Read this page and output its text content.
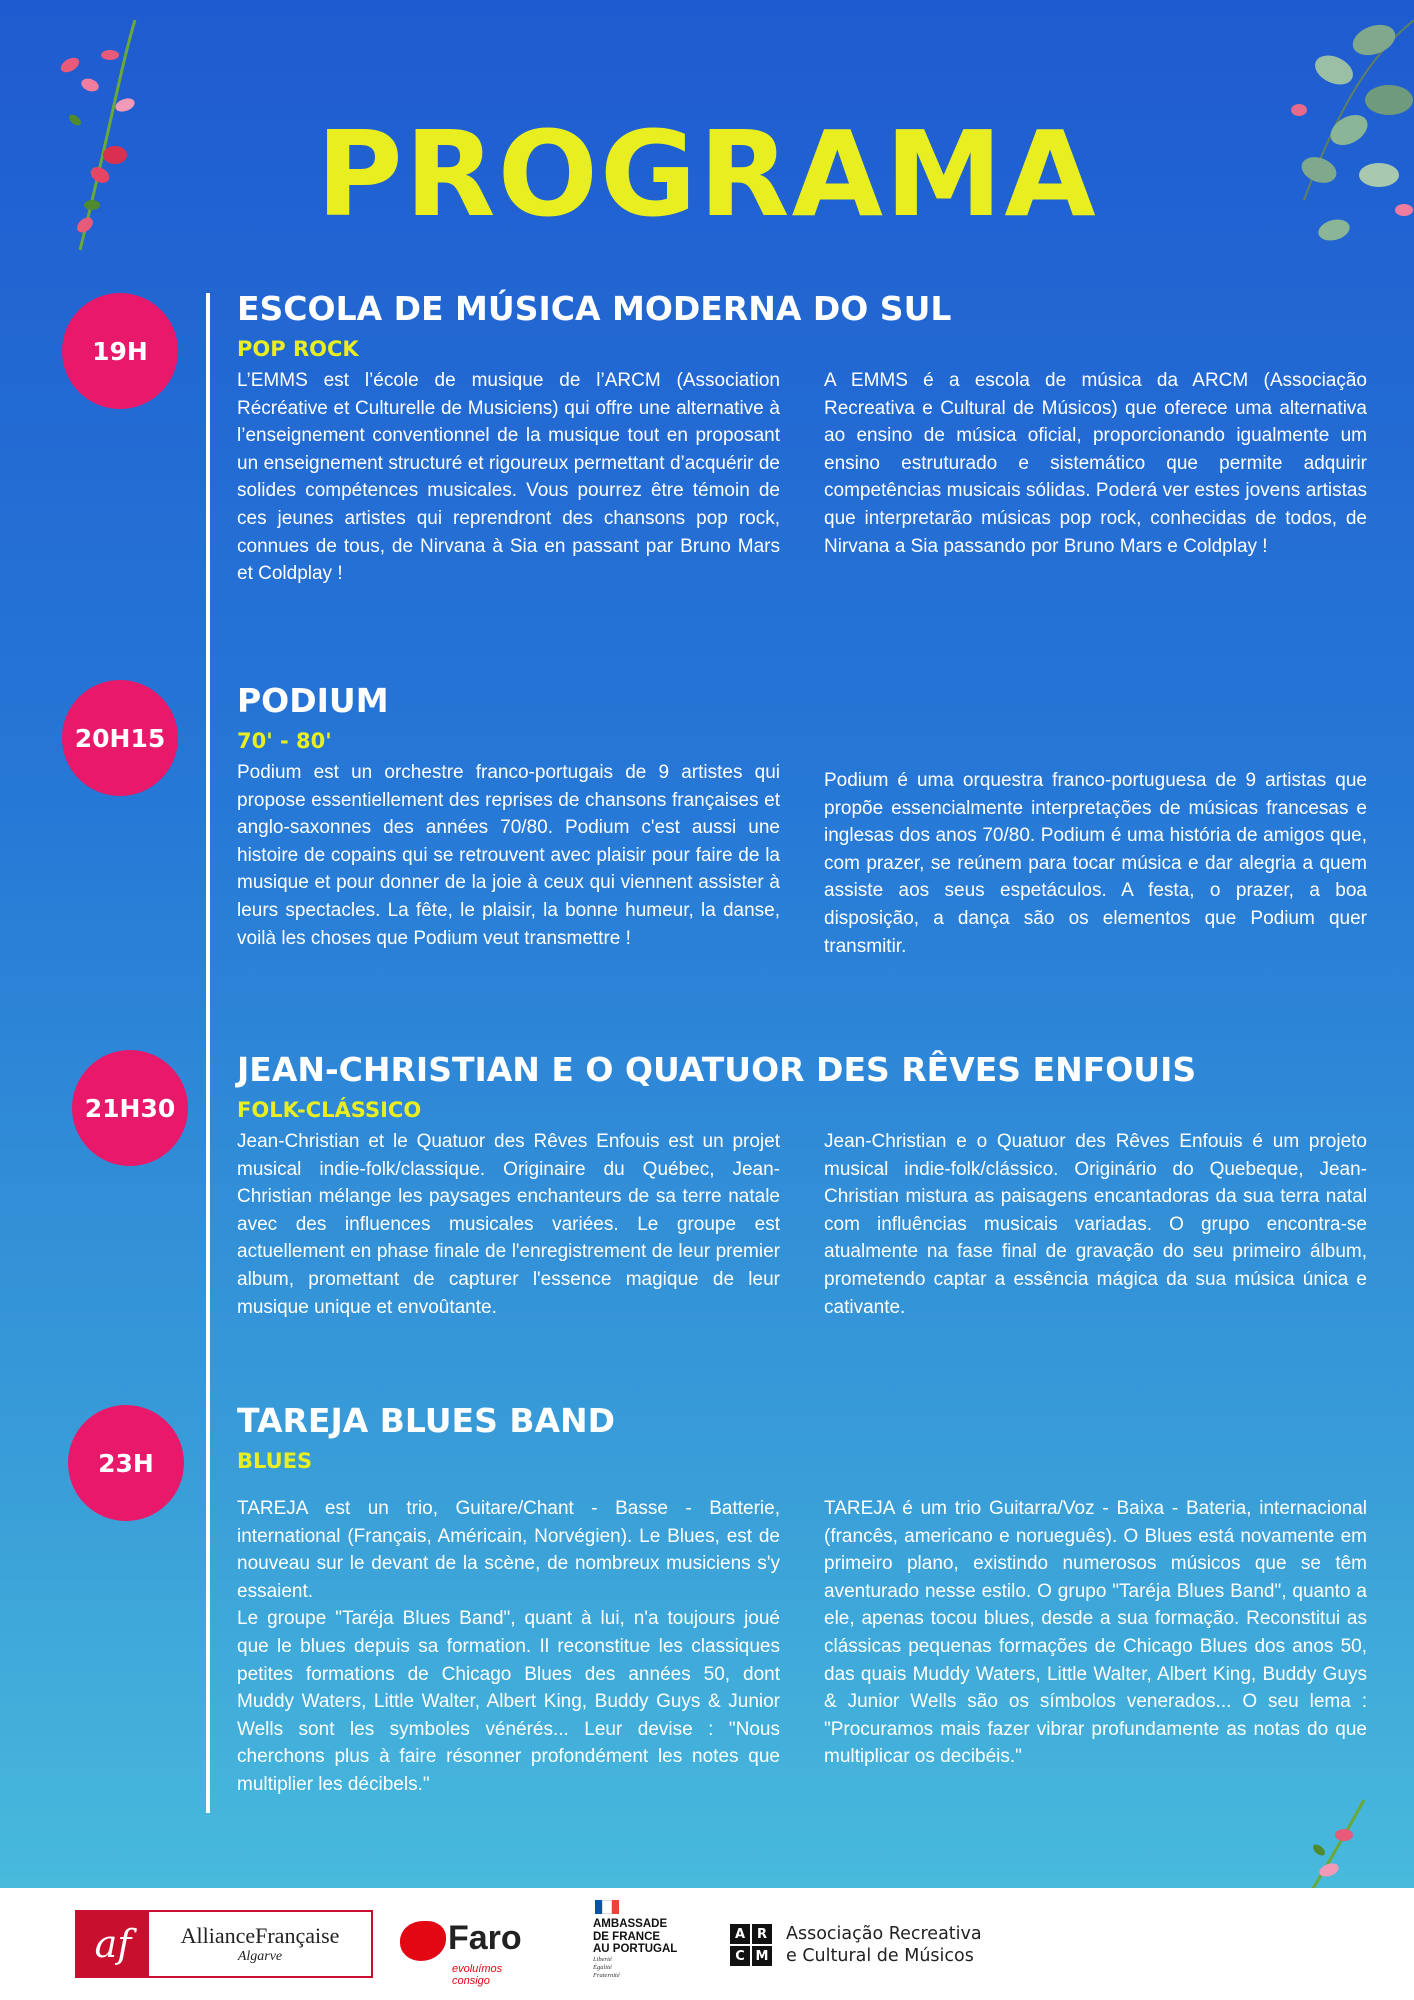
PROGRAMA
19H
ESCOLA DE MÚSICA MODERNA DO SUL
POP ROCK

L’EMMS est l’école de musique de l’ARCM (Association Récréative et Culturelle de Musiciens) qui offre une alternative à l’enseignement conventionnel de la musique tout en proposant un enseignement structuré et rigoureux permettant d’acquérir de solides compétences musicales. Vous pourrez être témoin de ces jeunes artistes qui reprendront des chansons pop rock, connues de tous, de Nirvana à Sia en passant par Bruno Mars et Coldplay !

A EMMS é a escola de música da ARCM (Associação Recreativa e Cultural de Músicos) que oferece uma alternativa ao ensino de música oficial, proporcionando igualmente um ensino estruturado e sistemático que permite adquirir competências musicais sólidas. Poderá ver estes jovens artistas que interpretarão músicas pop rock, conhecidas de todos, de Nirvana a Sia passando por Bruno Mars e Coldplay !

20H15
PODIUM
70' - 80'

Podium est un orchestre franco-portugais de 9 artistes qui propose essentiellement des reprises de chansons françaises et anglo-saxonnes des années 70/80. Podium c'est aussi une histoire de copains qui se retrouvent avec plaisir pour faire de la musique et pour donner de la joie à ceux qui viennent assister à leurs spectacles. La fête, le plaisir, la bonne humeur, la danse, voilà les choses que Podium veut transmettre !

Podium é uma orquestra franco-portuguesa de 9 artistas que propõe essencialmente interpretações de músicas francesas e inglesas dos anos 70/80. Podium é uma história de amigos que, com prazer, se reúnem para tocar música e dar alegria a quem assiste aos seus espetáculos. A festa, o prazer, a boa disposição, a dança são os elementos que Podium quer transmitir.

21H30
JEAN-CHRISTIAN E O QUATUOR DES RÊVES ENFOUIS
FOLK-CLÁSSICO

Jean-Christian et le Quatuor des Rêves Enfouis est un projet musical indie-folk/classique. Originaire du Québec, Jean-Christian mélange les paysages enchanteurs de sa terre natale avec des influences musicales variées. Le groupe est actuellement en phase finale de l'enregistrement de leur premier album, promettant de capturer l'essence magique de leur musique unique et envoûtante.

Jean-Christian e o Quatuor des Rêves Enfouis é um projeto musical indie-folk/clássico. Originário do Quebeque, Jean-Christian mistura as paisagens encantadoras da sua terra natal com influências musicais variadas. O grupo encontra-se atualmente na fase final de gravação do seu primeiro álbum, prometendo captar a essência mágica da sua música única e cativante.

23H
TAREJA BLUES BAND
BLUES

TAREJA est un trio, Guitare/Chant - Basse - Batterie, international (Français, Américain, Norvégien). Le Blues, est de nouveau sur le devant de la scène, de nombreux musiciens s'y essaient.

Le groupe "Taréja Blues Band", quant à lui, n'a toujours joué que le blues depuis sa formation. Il reconstitue les classiques petites formations de Chicago Blues des années 50, dont Muddy Waters, Little Walter, Albert King, Buddy Guys & Junior Wells sont les symboles vénérés... Leur devise : "Nous cherchons plus à faire résonner profondément les notes que multiplier les décibels."

TAREJA é um trio Guitarra/Voz - Baixa - Bateria, internacional (francês, americano e norueguês). O Blues está novamente em primeiro plano, existindo numerosos músicos que se têm aventurado nesse estilo. O grupo "Taréja Blues Band", quanto a ele, apenas tocou blues, desde a sua formação. Reconstitui as clássicas pequenas formações de Chicago Blues dos anos 50, das quais Muddy Waters, Little Walter, Albert King, Buddy Guys & Junior Wells são os símbolos venerados... O seu lema : "Procuramos mais fazer vibrar profundamente as notas do que multiplicar os decibéis."

af	AllianceFrançaise
Algarve	Faro
evoluímos consigo
AMBASSADE
DE FRANCE
AU PORTUGAL
Liberté
Égalité
Fraternité
A R
C M
Associação Recreativa
e Cultural de Músicos
